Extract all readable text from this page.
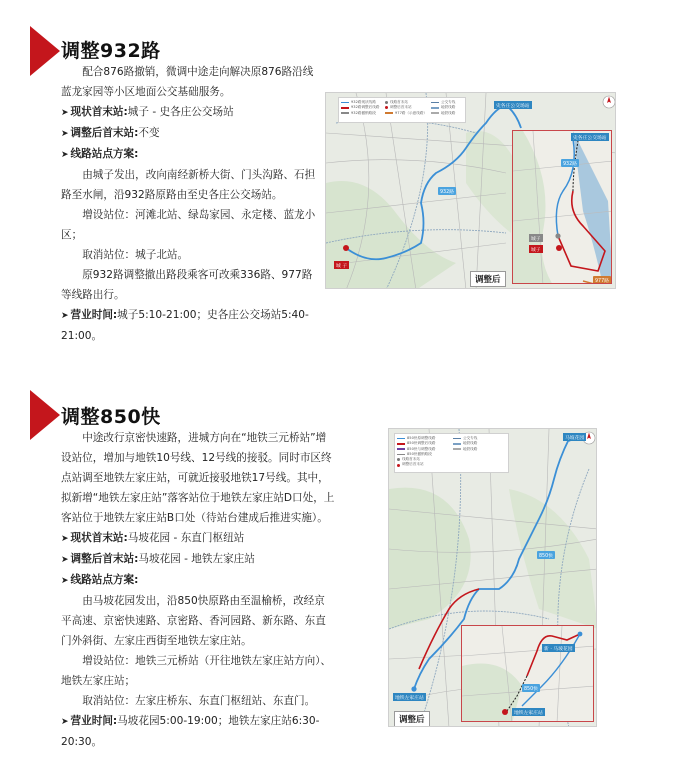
调整932路
配合876路撤销，微调中途走向解决原876路沿线蓝龙家园等小区地面公交基础服务。
➤ 现状首末站:城子 - 史各庄公交场站
➤ 调整后首末站:不变
➤ 线路站点方案:
由城子发出，改向南经新桥大街、门头沟路、石担路至水闸，沿932路原路由至史各庄公交场站。
增设站位：河滩北站、绿岛家园、永定楼、蓝龙小区；
取消站位：城子北站。
原932路调整撤出路段乘客可改乘336路、977路等线路出行。
➤ 营业时间:城子5:10-21:00；史各庄公交场站5:40-21:00。
932路现状线路
932路调整后线路
932路撤销路段
线路首末站
调整后首末站
977路（示意线路）
公交专线
地铁线路
地铁线路
史各庄公交场站
城 子
932路
史各庄公交场站
932路
城子
城子
977路
调整后
调整850快
中途改行京密快速路，进城方向在“地铁三元桥站”增设站位，增加与地铁10号线、12号线的接驳。同时市区终点站调至地铁左家庄站，可就近接驳地铁17号线。其中，拟新增“地铁左家庄站”落客站位于地铁左家庄站D口处，上客站位于地铁左家庄站B口处（待站台建成后推进实施）。
➤ 现状首末站:马坡花园 - 东直门枢纽站
➤ 调整后首末站:马坡花园 - 地铁左家庄站
➤ 线路站点方案:
由马坡花园发出，沿850快原路由至温榆桥，改经京平高速、京密快速路、京密路、香河园路、新东路、东直门外斜街、左家庄西街至地铁左家庄站。
增设站位：地铁三元桥站（开往地铁左家庄站方向）、地铁左家庄站；
取消站位：左家庄桥东、东直门枢纽站、东直门。
➤ 营业时间:马坡花园5:00-19:00；地铁左家庄站6:30-20:30。
850快原调整线路
850快调整后线路
850快与调整线路
850快撤销路段
线路首末站
调整后首末站
公交专线
地铁线路
地铁线路
马坡花园
850快
地铁左家庄站
新 · 马坡花园
850快
地铁左家庄站
调整后
